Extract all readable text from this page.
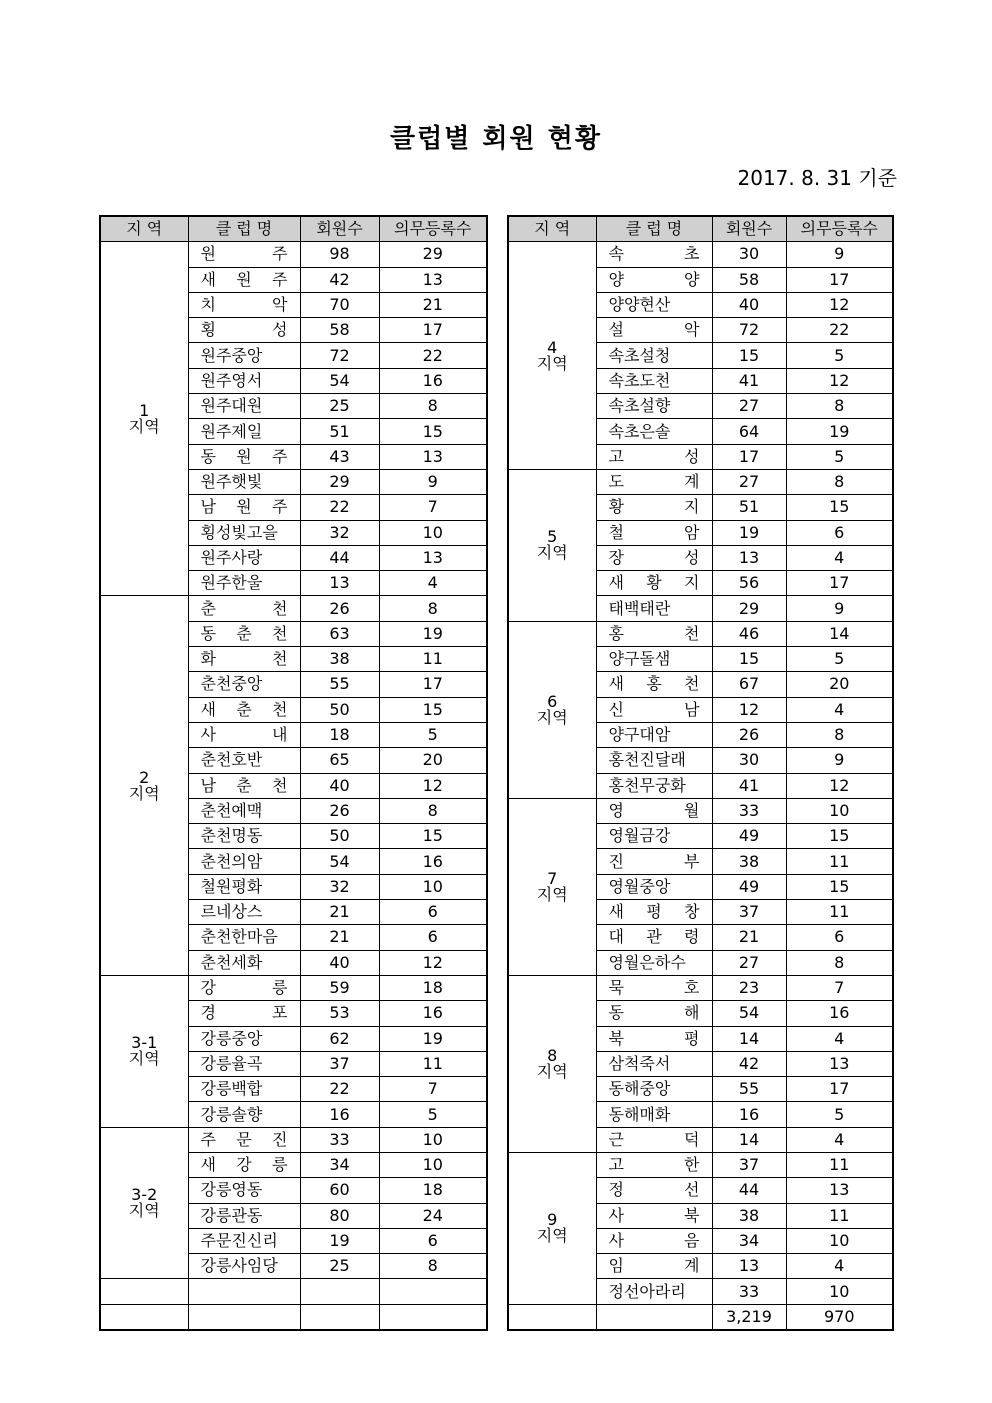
클럽별 회원 현황
2017. 8. 31 기준
지 역	클 럽 명	회원수	의무등록수

1
지역	원 주	98	29
	새 원 주	42	13
	치 악	70	21
	횡 성	58	17
	원주중앙	72	22
	원주영서	54	16
	원주대원	25	8
	원주제일	51	15
	동 원 주	43	13
	원주햇빛	29	9
	남 원 주	22	7
	횡성빛고을	32	10
	원주사랑	44	13
	원주한울	13	4

2
지역	춘 천	26	8
	동 춘 천	63	19
	화 천	38	11
	춘천중앙	55	17
	새 춘 천	50	15
	사 내	18	5
	춘천호반	65	20
	남 춘 천	40	12
	춘천예맥	26	8
	춘천명동	50	15
	춘천의암	54	16
	철원평화	32	10
	르네상스	21	6
	춘천한마음	21	6
	춘천세화	40	12

3-1
지역	강 릉	59	18
	경 포	53	16
	강릉중앙	62	19
	강릉율곡	37	11
	강릉백합	22	7
	강릉솔향	16	5

3-2
지역	주 문 진	33	10
	새 강 릉	34	10
	강릉영동	60	18
	강릉관동	80	24
	주문진신리	19	6
	강릉사임당	25	8

지 역	클 럽 명	회원수	의무등록수

4
지역	속 초	30	9
	양 양	58	17
	양양현산	40	12
	설 악	72	22
	속초설청	15	5
	속초도천	41	12
	속초설향	27	8
	속초은솔	64	19
	고 성	17	5

5
지역	도 계	27	8
	황 지	51	15
	철 암	19	6
	장 성	13	4
	새 황 지	56	17
	태백태란	29	9

6
지역	홍 천	46	14
	양구돌샘	15	5
	새 홍 천	67	20
	신 남	12	4
	양구대암	26	8
	홍천진달래	30	9
	홍천무궁화	41	12

7
지역	영 월	33	10
	영월금강	49	15
	진 부	38	11
	영월중앙	49	15
	새 평 창	37	11
	대 관 령	21	6
	영월은하수	27	8

8
지역	묵 호	23	7
	동 해	54	16
	북 평	14	4
	삼척죽서	42	13
	동해중앙	55	17
	동해매화	16	5
	근 덕	14	4

9
지역	고 한	37	11
	정 선	44	13
	사 북	38	11
	사 음	34	10
	임 계	13	4
	정선아라리	33	10
		3,219	970
